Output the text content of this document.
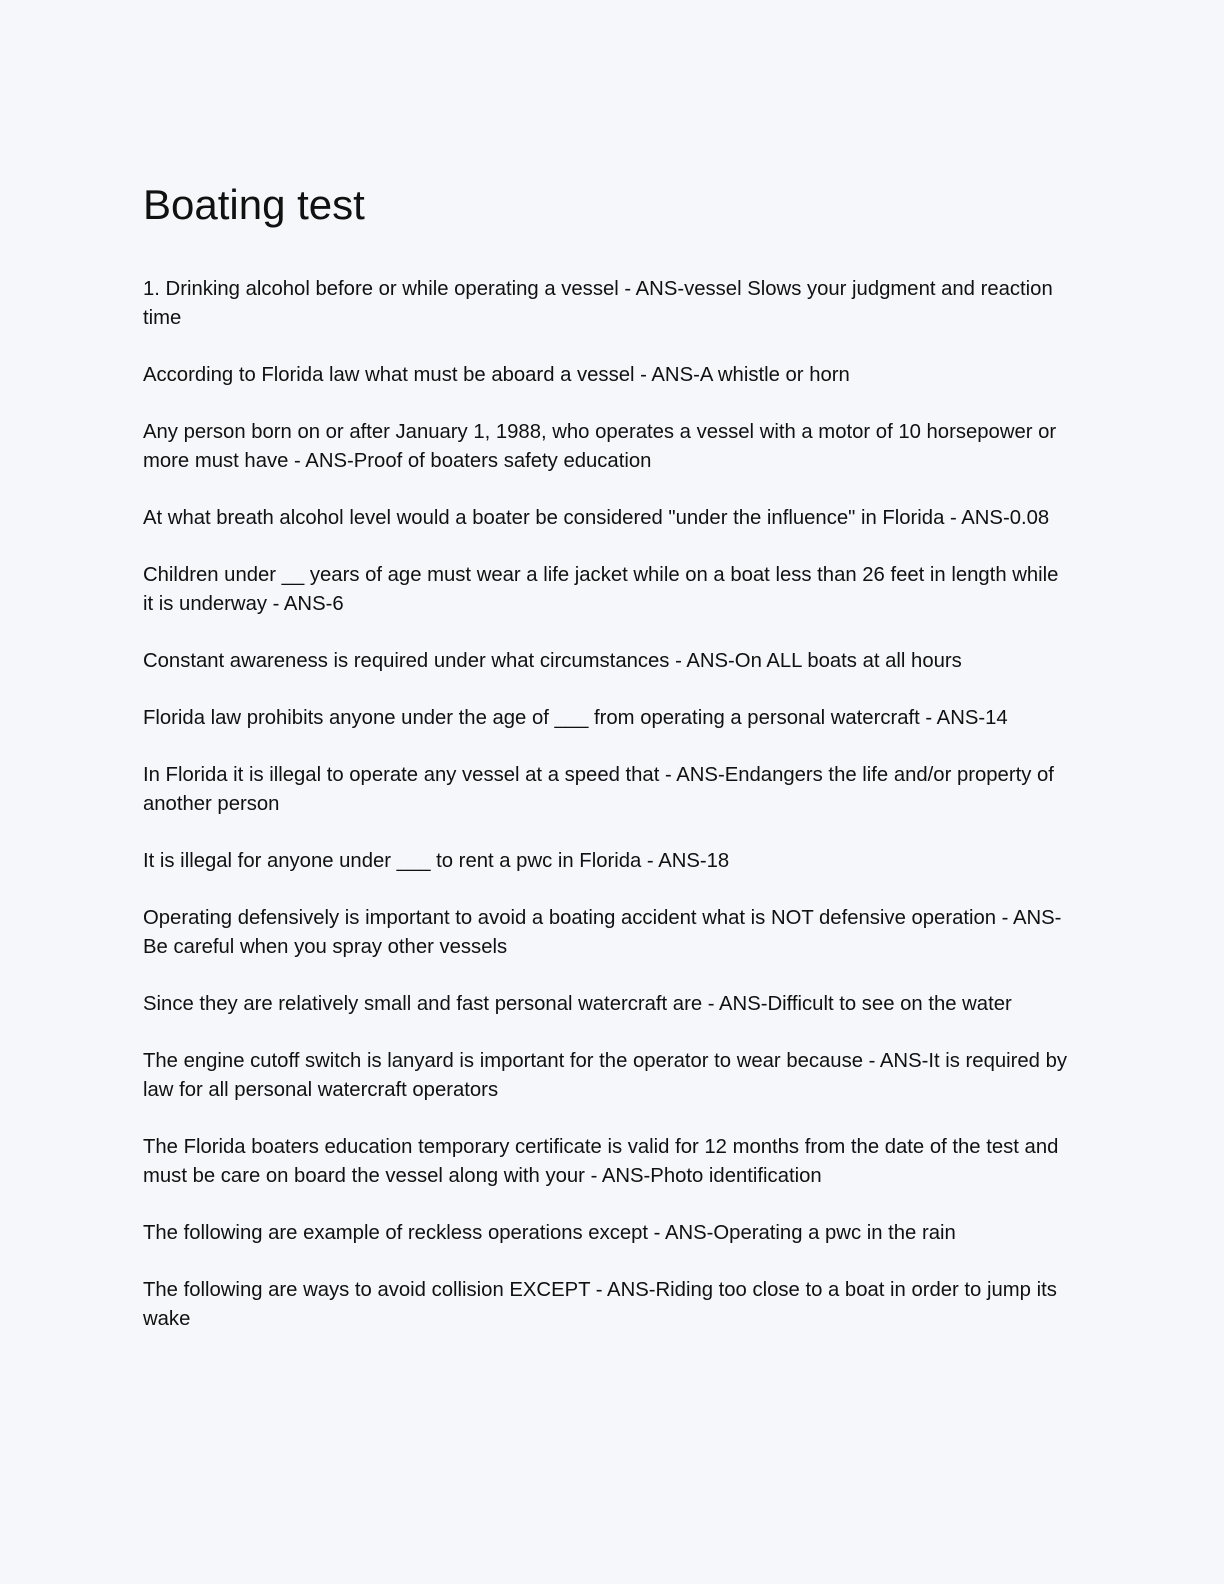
Boating test

1. Drinking alcohol before or while operating a vessel - ANS-vessel Slows your judgment and reaction time

According to Florida law what must be aboard a vessel - ANS-A whistle or horn

Any person born on or after January 1, 1988, who operates a vessel with a motor of 10 horsepower or more must have - ANS-Proof of boaters safety education

At what breath alcohol level would a boater be considered "under the influence" in Florida - ANS-0.08

Children under __ years of age must wear a life jacket while on a boat less than 26 feet in length while it is underway - ANS-6

Constant awareness is required under what circumstances - ANS-On ALL boats at all hours

Florida law prohibits anyone under the age of ___ from operating a personal watercraft - ANS-14

In Florida it is illegal to operate any vessel at a speed that - ANS-Endangers the life and/or property of another person

It is illegal for anyone under ___ to rent a pwc in Florida - ANS-18

Operating defensively is important to avoid a boating accident what is NOT defensive operation - ANS-Be careful when you spray other vessels

Since they are relatively small and fast personal watercraft are - ANS-Difficult to see on the water

The engine cutoff switch is lanyard is important for the operator to wear because - ANS-It is required by law for all personal watercraft operators

The Florida boaters education temporary certificate is valid for 12 months from the date of the test and must be care on board the vessel along with your - ANS-Photo identification

The following are example of reckless operations except - ANS-Operating a pwc in the rain

The following are ways to avoid collision EXCEPT - ANS-Riding too close to a boat in order to jump its wake
